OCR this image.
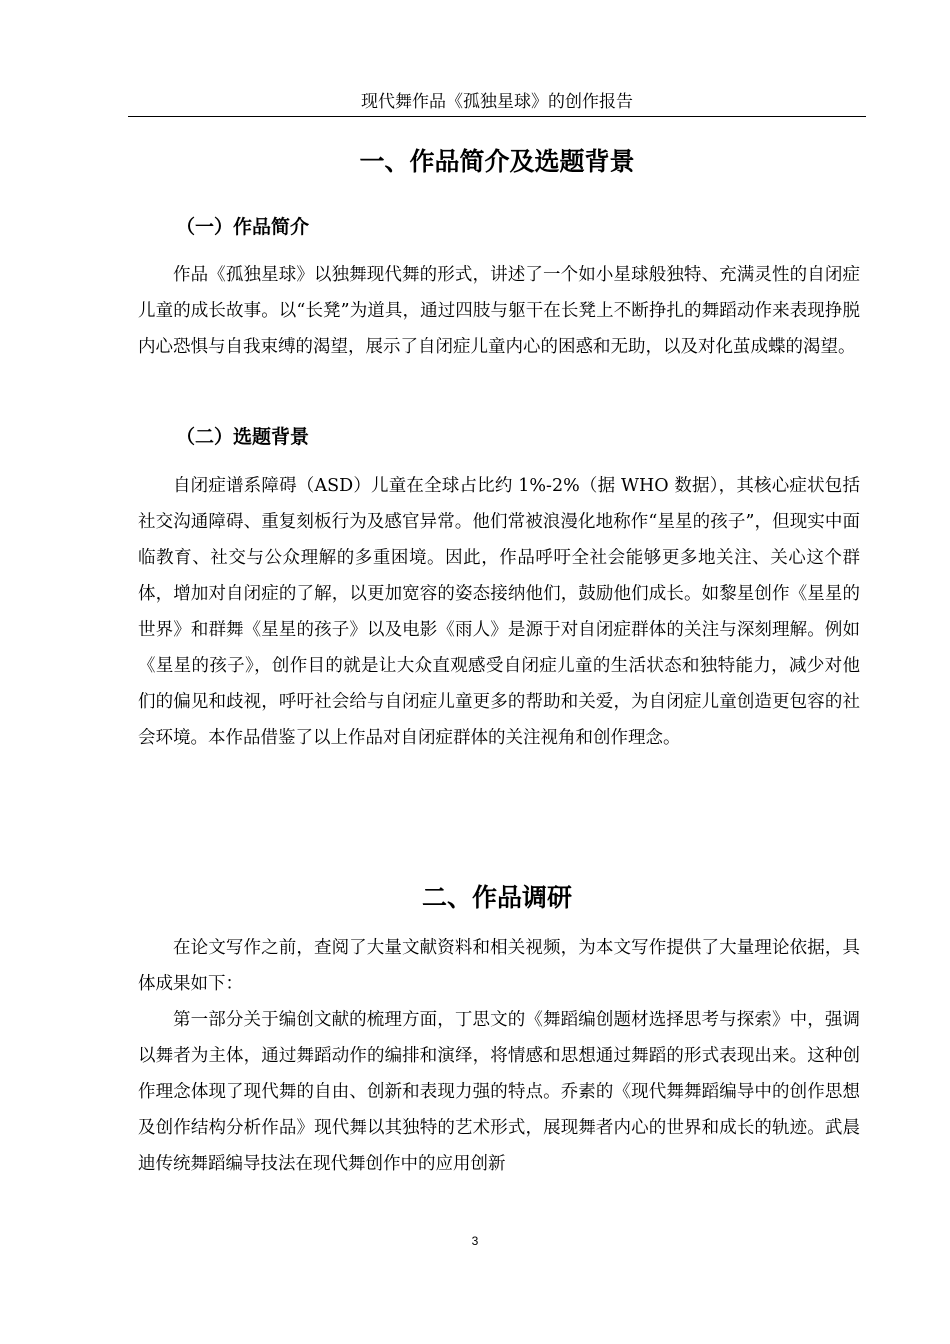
现代舞作品《孤独星球》的创作报告
一、作品简介及选题背景
（一）作品简介

作品《孤独星球》以独舞现代舞的形式，讲述了一个如小星球般独特、充满灵性的自闭症儿童的成长故事。以“长凳”为道具，通过四肢与躯干在长凳上不断挣扎的舞蹈动作来表现挣脱内心恐惧与自我束缚的渴望，展示了自闭症儿童内心的困惑和无助，以及对化茧成蝶的渴望。

（二）选题背景

自闭症谱系障碍（ASD）儿童在全球占比约 1%-2%（据 WHO 数据），其核心症状包括社交沟通障碍、重复刻板行为及感官异常。他们常被浪漫化地称作“星星的孩子”，但现实中面临教育、社交与公众理解的多重困境。因此，作品呼吁全社会能够更多地关注、关心这个群体，增加对自闭症的了解，以更加宽容的姿态接纳他们，鼓励他们成长。如黎星创作《星星的世界》和群舞《星星的孩子》以及电影《雨人》是源于对自闭症群体的关注与深刻理解。例如《星星的孩子》，创作目的就是让大众直观感受自闭症儿童的生活状态和独特能力，减少对他们的偏见和歧视，呼吁社会给与自闭症儿童更多的帮助和关爱，为自闭症儿童创造更包容的社会环境。本作品借鉴了以上作品对自闭症群体的关注视角和创作理念。

二、作品调研

在论文写作之前，查阅了大量文献资料和相关视频，为本文写作提供了大量理论依据，具体成果如下：

第一部分关于编创文献的梳理方面，丁思文的《舞蹈编创题材选择思考与探索》中，强调以舞者为主体，通过舞蹈动作的编排和演绎，将情感和思想通过舞蹈的形式表现出来。这种创作理念体现了现代舞的自由、创新和表现力强的特点。乔素的《现代舞舞蹈编导中的创作思想及创作结构分析作品》现代舞以其独特的艺术形式，展现舞者内心的世界和成长的轨迹。武晨迪传统舞蹈编导技法在现代舞创作中的应用创新

3
